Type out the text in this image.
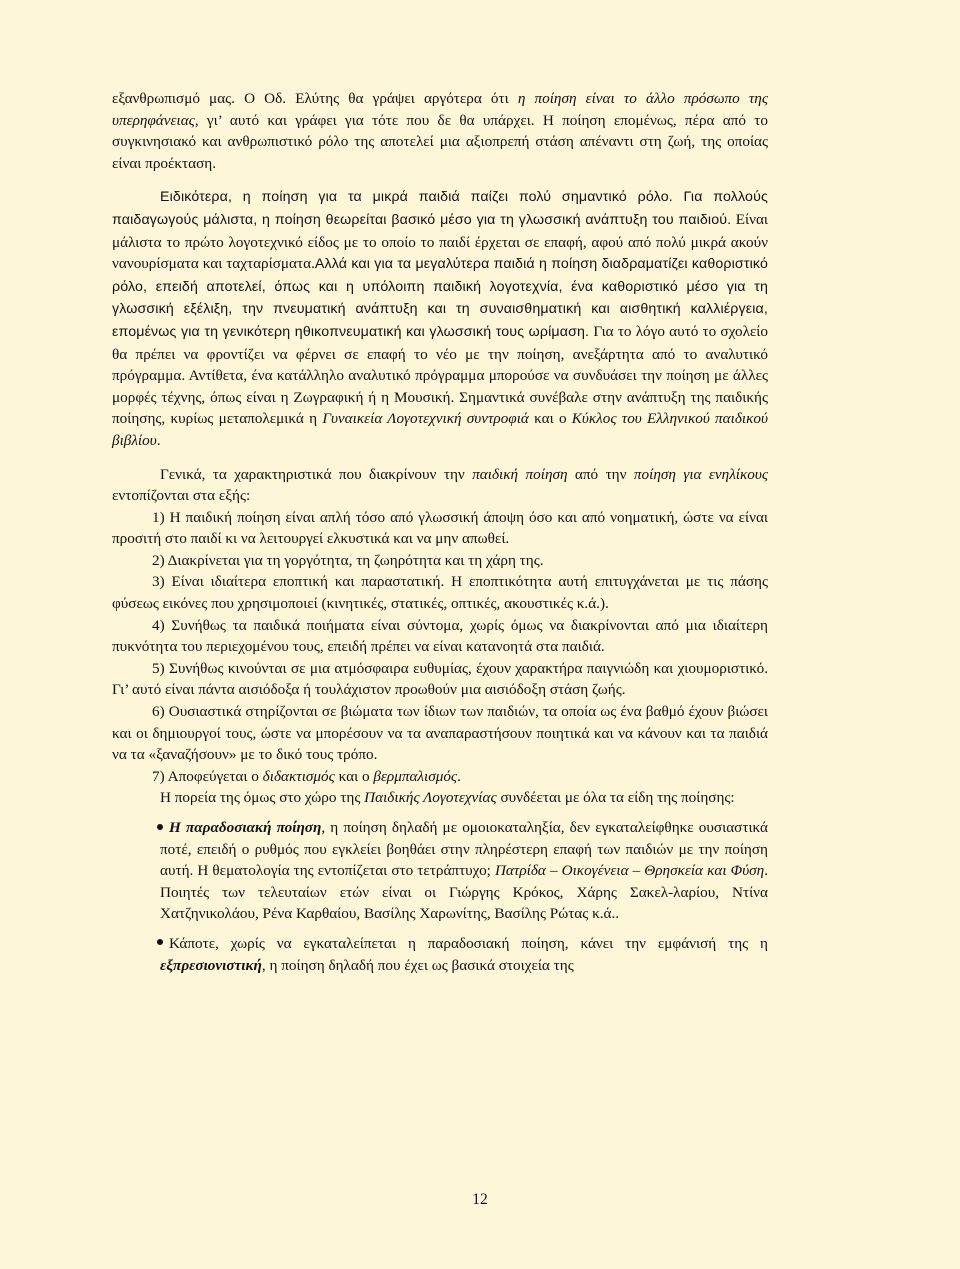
εξανθρωπισμό μας. Ο Οδ. Ελύτης θα γράψει αργότερα ότι η ποίηση είναι το άλλο πρόσωπο της υπερηφάνειας, γι’ αυτό και γράφει για τότε που δε θα υπάρχει. Η ποίηση επομένως, πέρα από το συγκινησιακό και ανθρωπιστικό ρόλο της αποτελεί μια αξιοπρεπή στάση απέναντι στη ζωή, της οποίας είναι προέκταση.

Ειδικότερα, η ποίηση για τα μικρά παιδιά παίζει πολύ σημαντικό ρόλο. Για πολλούς παιδαγωγούς μάλιστα, η ποίηση θεωρείται βασικό μέσο για τη γλωσσική ανάπτυξη του παιδιού. Είναι μάλιστα το πρώτο λογοτεχνικό είδος με το οποίο το παιδί έρχεται σε επαφή, αφού από πολύ μικρά ακούν νανουρίσματα και ταχταρίσματα.Αλλά και για τα μεγαλύτερα παιδιά η ποίηση διαδραματίζει καθοριστικό ρόλο, επειδή αποτελεί, όπως και η υπόλοιπη παιδική λογοτεχνία, ένα καθοριστικό μέσο για τη γλωσσική εξέλιξη, την πνευματική ανάπτυξη και τη συναισθηματική και αισθητική καλλιέργεια, επομένως για τη γενικότερη ηθικοπνευματική και γλωσσική τους ωρίμαση. Για το λόγο αυτό το σχολείο θα πρέπει να φροντίζει να φέρνει σε επαφή το νέο με την ποίηση, ανεξάρτητα από το αναλυτικό πρόγραμμα. Αντίθετα, ένα κατάλληλο αναλυτικό πρόγραμμα μπορούσε να συνδυάσει την ποίηση με άλλες μορφές τέχνης, όπως είναι η Ζωγραφική ή η Μουσική. Σημαντικά συνέβαλε στην ανάπτυξη της παιδικής ποίησης, κυρίως μεταπολεμικά η Γυναικεία Λογοτεχνική συντροφιά και ο Κύκλος του Ελληνικού παιδικού βιβλίου.

Γενικά, τα χαρακτηριστικά που διακρίνουν την παιδική ποίηση από την ποίηση για ενηλίκους εντοπίζονται στα εξής:

1) Η παιδική ποίηση είναι απλή τόσο από γλωσσική άποψη όσο και από νοηματική, ώστε να είναι προσιτή στο παιδί κι να λειτουργεί ελκυστικά και να μην απωθεί.

2) Διακρίνεται για τη γοργότητα, τη ζωηρότητα και τη χάρη της.

3) Είναι ιδιαίτερα εποπτική και παραστατική. Η εποπτικότητα αυτή επιτυγχάνεται με τις πάσης φύσεως εικόνες που χρησιμοποιεί (κινητικές, στατικές, οπτικές, ακουστικές κ.ά.).

4) Συνήθως τα παιδικά ποιήματα είναι σύντομα, χωρίς όμως να διακρίνονται από μια ιδιαίτερη πυκνότητα του περιεχομένου τους, επειδή πρέπει να είναι κατανοητά στα παιδιά.

5) Συνήθως κινούνται σε μια ατμόσφαιρα ευθυμίας, έχουν χαρακτήρα παιγνιώδη και χιουμοριστικό. Γι’ αυτό είναι πάντα αισιόδοξα ή τουλάχιστον προωθούν μια αισιόδοξη στάση ζωής.

6) Ουσιαστικά στηρίζονται σε βιώματα των ίδιων των παιδιών, τα οποία ως ένα βαθμό έχουν βιώσει και οι δημιουργοί τους, ώστε να μπορέσουν να τα αναπαραστήσουν ποιητικά και να κάνουν και τα παιδιά να τα «ξαναζήσουν» με το δικό τους τρόπο.

7) Αποφεύγεται ο διδακτισμός και ο βερμπαλισμός.

Η πορεία της όμως στο χώρο της Παιδικής Λογοτεχνίας συνδέεται με όλα τα είδη της ποίησης:

Η παραδοσιακή ποίηση, η ποίηση δηλαδή με ομοιοκαταληξία, δεν εγκαταλείφθηκε ουσιαστικά ποτέ, επειδή ο ρυθμός που εγκλείει βοηθάει στην πληρέστερη επαφή των παιδιών με την ποίηση αυτή. Η θεματολογία της εντοπίζεται στο τετράπτυχο; Πατρίδα – Οικογένεια – Θρησκεία και Φύση. Ποιητές των τελευταίων ετών είναι οι Γιώργης Κρόκος, Χάρης Σακελ-λαρίου, Ντίνα Χατζηνικολάου, Ρένα Καρθαίου, Βασίλης Χαρωνίτης, Βασίλης Ρώτας κ.ά..

Κάποτε, χωρίς να εγκαταλείπεται η παραδοσιακή ποίηση, κάνει την εμφάνισή της η εξπρεσιονιστική, η ποίηση δηλαδή που έχει ως βασικά στοιχεία της

12
